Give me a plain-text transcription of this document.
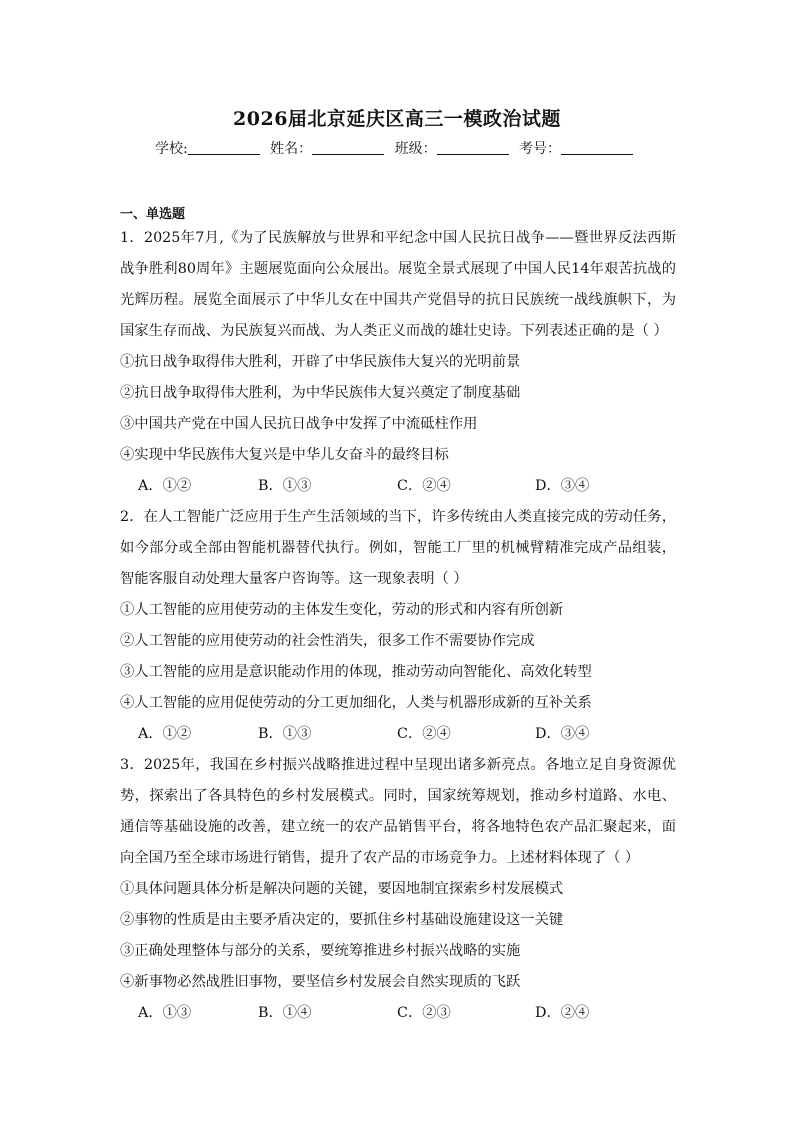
2026届北京延庆区高三一模政治试题
学校:	姓名：	班级：	考号：
一、单选题

1．2025年7月,《为了民族解放与世界和平纪念中国人民抗日战争——暨世界反法西斯战争胜利80周年》主题展览面向公众展出。展览全景式展现了中国人民14年艰苦抗战的光辉历程。展览全面展示了中华儿女在中国共产党倡导的抗日民族统一战线旗帜下，为国家生存而战、为民族复兴而战、为人类正义而战的雄壮史诗。下列表述正确的是（ ）

①抗日战争取得伟大胜利，开辟了中华民族伟大复兴的光明前景

②抗日战争取得伟大胜利，为中华民族伟大复兴奠定了制度基础

③中国共产党在中国人民抗日战争中发挥了中流砥柱作用

④实现中华民族伟大复兴是中华儿女奋斗的最终目标

A．①②	B．①③	C．②④	D．③④

2．在人工智能广泛应用于生产生活领域的当下，许多传统由人类直接完成的劳动任务，如今部分或全部由智能机器替代执行。例如，智能工厂里的机械臂精准完成产品组装，智能客服自动处理大量客户咨询等。这一现象表明（ ）

①人工智能的应用使劳动的主体发生变化，劳动的形式和内容有所创新

②人工智能的应用使劳动的社会性消失，很多工作不需要协作完成

③人工智能的应用是意识能动作用的体现，推动劳动向智能化、高效化转型

④人工智能的应用促使劳动的分工更加细化，人类与机器形成新的互补关系

A．①②	B．①③	C．②④	D．③④

3．2025年，我国在乡村振兴战略推进过程中呈现出诸多新亮点。各地立足自身资源优势，探索出了各具特色的乡村发展模式。同时，国家统筹规划，推动乡村道路、水电、通信等基础设施的改善，建立统一的农产品销售平台，将各地特色农产品汇聚起来，面向全国乃至全球市场进行销售，提升了农产品的市场竞争力。上述材料体现了（ ）

①具体问题具体分析是解决问题的关键，要因地制宜探索乡村发展模式

②事物的性质是由主要矛盾决定的，要抓住乡村基础设施建设这一关键

③正确处理整体与部分的关系，要统筹推进乡村振兴战略的实施

④新事物必然战胜旧事物，要坚信乡村发展会自然实现质的飞跃

A．①③	B．①④	C．②③	D．②④
